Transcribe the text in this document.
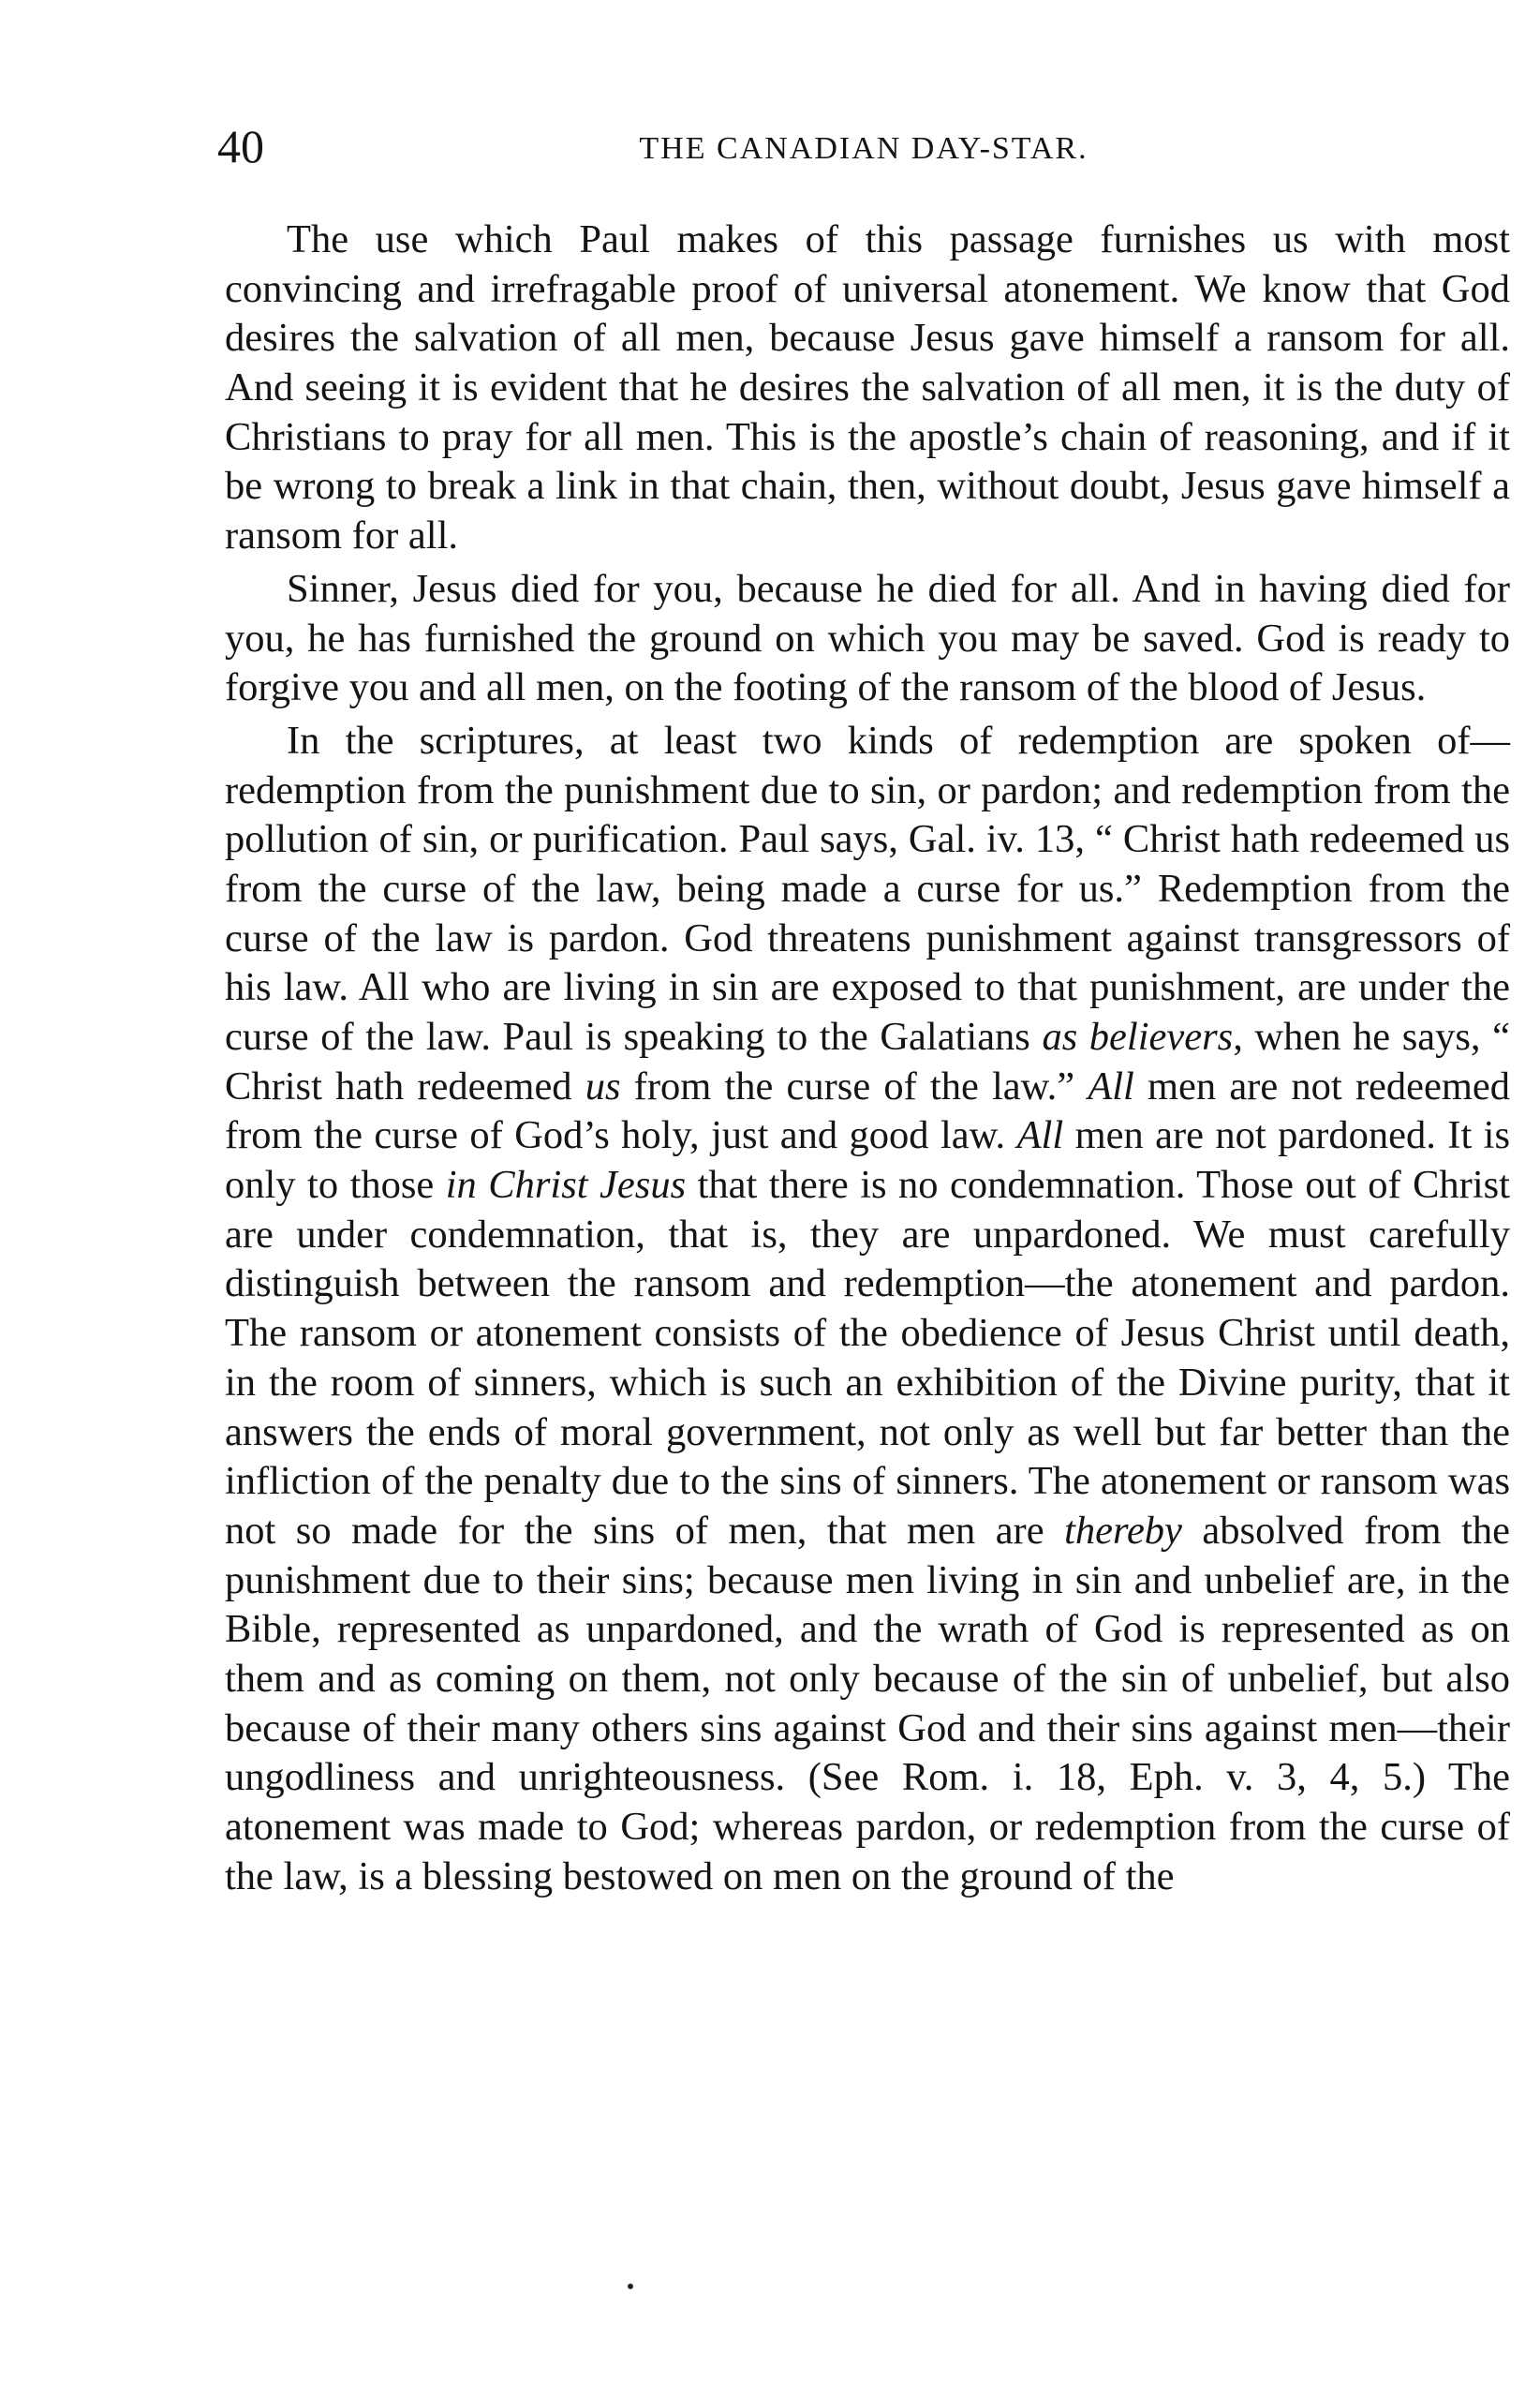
40	THE CANADIAN DAY-STAR.

The use which Paul makes of this passage furnishes us with most convincing and irrefragable proof of universal atonement. We know that God desires the salvation of all men, because Jesus gave himself a ransom for all. And seeing it is evident that he desires the salvation of all men, it is the duty of Christians to pray for all men. This is the apostle’s chain of reasoning, and if it be wrong to break a link in that chain, then, without doubt, Jesus gave himself a ransom for all.

Sinner, Jesus died for you, because he died for all. And in having died for you, he has furnished the ground on which you may be saved. God is ready to forgive you and all men, on the footing of the ransom of the blood of Jesus.

In the scriptures, at least two kinds of redemption are spoken of—redemption from the punishment due to sin, or pardon; and redemption from the pollution of sin, or purification. Paul says, Gal. iv. 13, “ Christ hath redeemed us from the curse of the law, being made a curse for us.” Redemption from the curse of the law is pardon. God threatens punishment against transgressors of his law. All who are living in sin are exposed to that punishment, are under the curse of the law. Paul is speaking to the Galatians as believers, when he says, “ Christ hath redeemed us from the curse of the law.” All men are not redeemed from the curse of God’s holy, just and good law. All men are not pardoned. It is only to those in Christ Jesus that there is no condemnation. Those out of Christ are under condemnation, that is, they are unpardoned. We must carefully distinguish between the ransom and redemption—the atonement and pardon. The ransom or atonement consists of the obedience of Jesus Christ until death, in the room of sinners, which is such an exhibition of the Divine purity, that it answers the ends of moral government, not only as well but far better than the infliction of the penalty due to the sins of sinners. The atonement or ransom was not so made for the sins of men, that men are thereby absolved from the punishment due to their sins; because men living in sin and unbelief are, in the Bible, represented as unpardoned, and the wrath of God is represented as on them and as coming on them, not only because of the sin of unbelief, but also because of their many others sins against God and their sins against men—their ungodliness and unrighteousness. (See Rom. i. 18, Eph. v. 3, 4, 5.) The atonement was made to God; whereas pardon, or redemption from the curse of the law, is a blessing bestowed on men on the ground of the
